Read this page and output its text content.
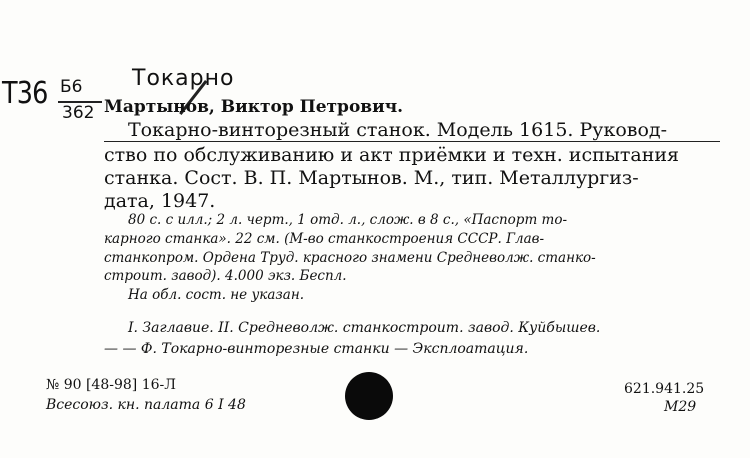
Т36 Б6
362
Токарно
Мартынов, Виктор Петрович.
Токарно-винторезный станок. Модель 1615. Руковод-
ство по обслуживанию и акт приёмки и техн. испытания
станка. Сост. В. П. Мартынов. М., тип. Металлургиз-
дата, 1947.
80 с. с илл.; 2 л. черт., 1 отд. л., слож. в 8 с., «Паспорт то-
карного станка». 22 см. (М-во станкостроения СССР. Глав-
станкопром. Ордена Труд. красного знамени Средневолж. станко-
строит. завод). 4.000 экз. Беспл.
На обл. сост. не указан.
I. Заглавие. II. Средневолж. станкостроит. завод. Куйбышев.
— — Ф. Токарно-винторезные станки — Эксплоатация.
№ 90 [48-98] 16-Л
Всесоюз. кн. палата 6 I 48
621.941.25
М29
